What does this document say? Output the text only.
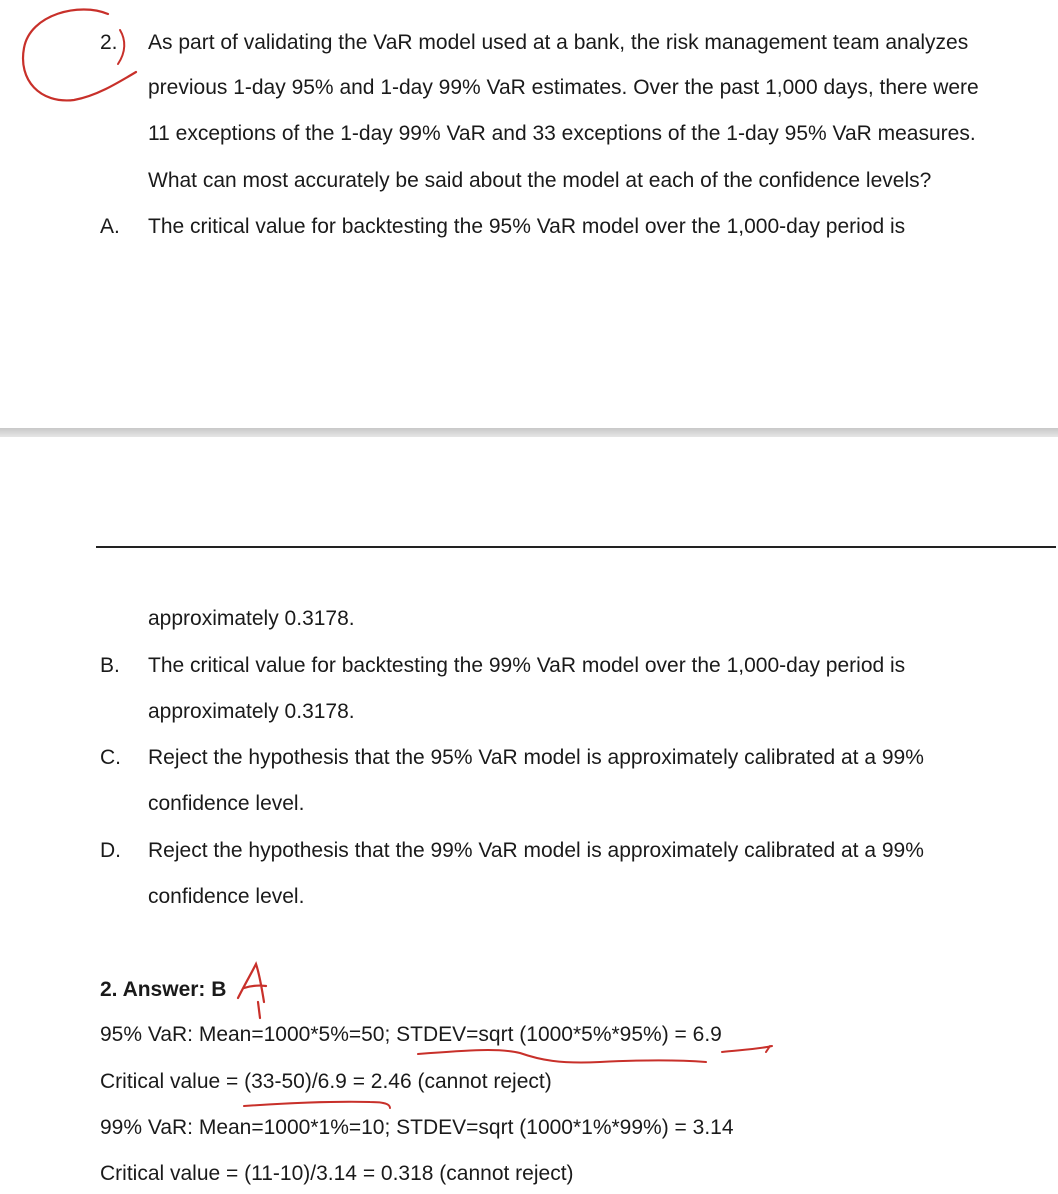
2. As part of validating the VaR model used at a bank, the risk management team analyzes
previous 1-day 95% and 1-day 99% VaR estimates. Over the past 1,000 days, there were
11 exceptions of the 1-day 99% VaR and 33 exceptions of the 1-day 95% VaR measures.
What can most accurately be said about the model at each of the confidence levels?
A. The critical value for backtesting the 95% VaR model over the 1,000-day period is
approximately 0.3178.
B. The critical value for backtesting the 99% VaR model over the 1,000-day period is
approximately 0.3178.
C. Reject the hypothesis that the 95% VaR model is approximately calibrated at a 99%
confidence level.
D. Reject the hypothesis that the 99% VaR model is approximately calibrated at a 99%
confidence level.
2. Answer: B
95% VaR: Mean=1000*5%=50; STDEV=sqrt (1000*5%*95%) = 6.9
Critical value = (33-50)/6.9 = 2.46 (cannot reject)
99% VaR: Mean=1000*1%=10; STDEV=sqrt (1000*1%*99%) = 3.14
Critical value = (11-10)/3.14 = 0.318 (cannot reject)
